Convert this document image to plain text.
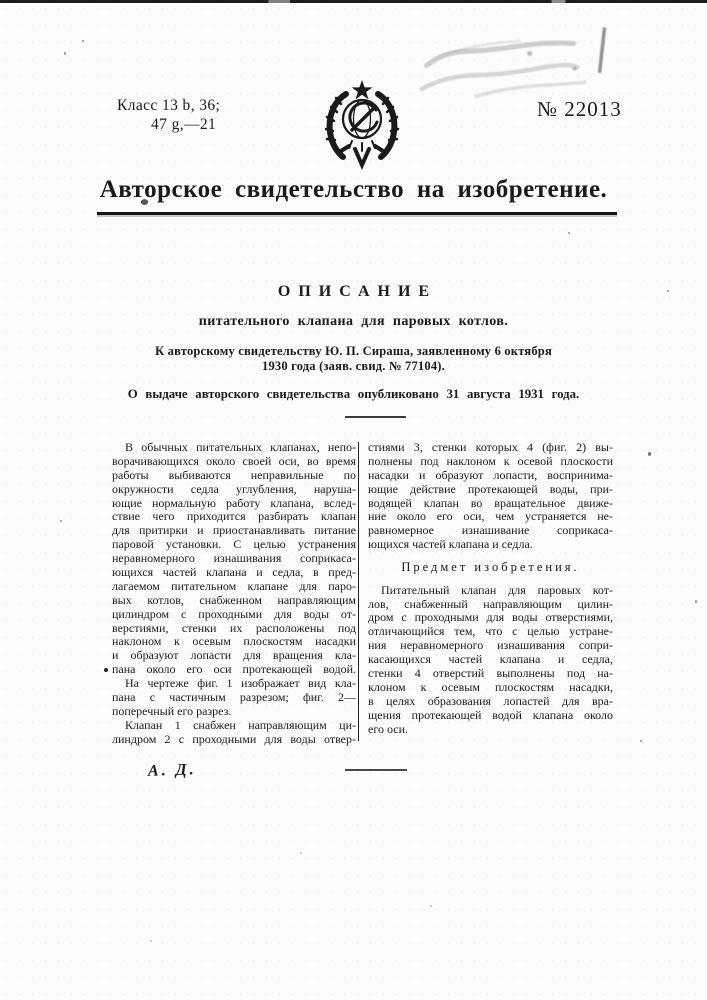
Класс 13 b, 36;
47 g,—21
№ 22013
Авторское свидетельство на изобретение.
ОПИСАНИЕ
питательного клапана для паровых котлов.
К авторскому свидетельству Ю. П. Сираша, заявленному 6 октября
1930 года (заяв. свид. № 77104).
О выдаче авторского свидетельства опубликовано 31 августа 1931 года.
В обычных питательных клапанах, непо-
ворачивающихся около своей оси, во время
работы выбиваются неправильные по
окружности седла углубления, наруша-
ющие нормальную работу клапана, вслед-
ствие чего приходится разбирать клапан
для притирки и приостанавливать питание
паровой установки. С целью устранения
неравномерного изнашивания соприкаса-
ющихся частей клапана и седла, в пред-
лагаемом питательном клапане для паро-
вых котлов, снабженном направляющим
цилиндром с проходными для воды от-
верстиями, стенки их расположены под
наклоном к осевым плоскостям насадки
и образуют лопасти для вращения кла-
пана около его оси протекающей водой.
На чертеже фиг. 1 изображает вид кла-
пана с частичным разрезом; фиг. 2—
поперечный его разрез.
Клапан 1 снабжен направляющим ци-
линдром 2 с проходными для воды отвер-
стиями 3, стенки которых 4 (фиг. 2) вы-
полнены под наклоном к осевой плоскости
насадки и образуют лопасти, воспринима-
ющие действие протекающей воды, при-
водящей клапан во вращательное движе-
ние около его оси, чем устраняется не-
равномерное изнашивание соприкаса-
ющихся частей клапана и седла.
Предмет изобретения.
Питательный клапан для паровых кот-
лов, снабженный направляющим цилин-
дром с проходными для воды отверстиями,
отличающийся тем, что с целью устране-
ния неравномерного изнашивания сопри-
касающихся частей клапана и седла,
стенки 4 отверстий выполнены под на-
клоном к осевым плоскостям насадки,
в целях образования лопастей для вра-
щения протекающей водой клапана около
его оси.
А. Д.
